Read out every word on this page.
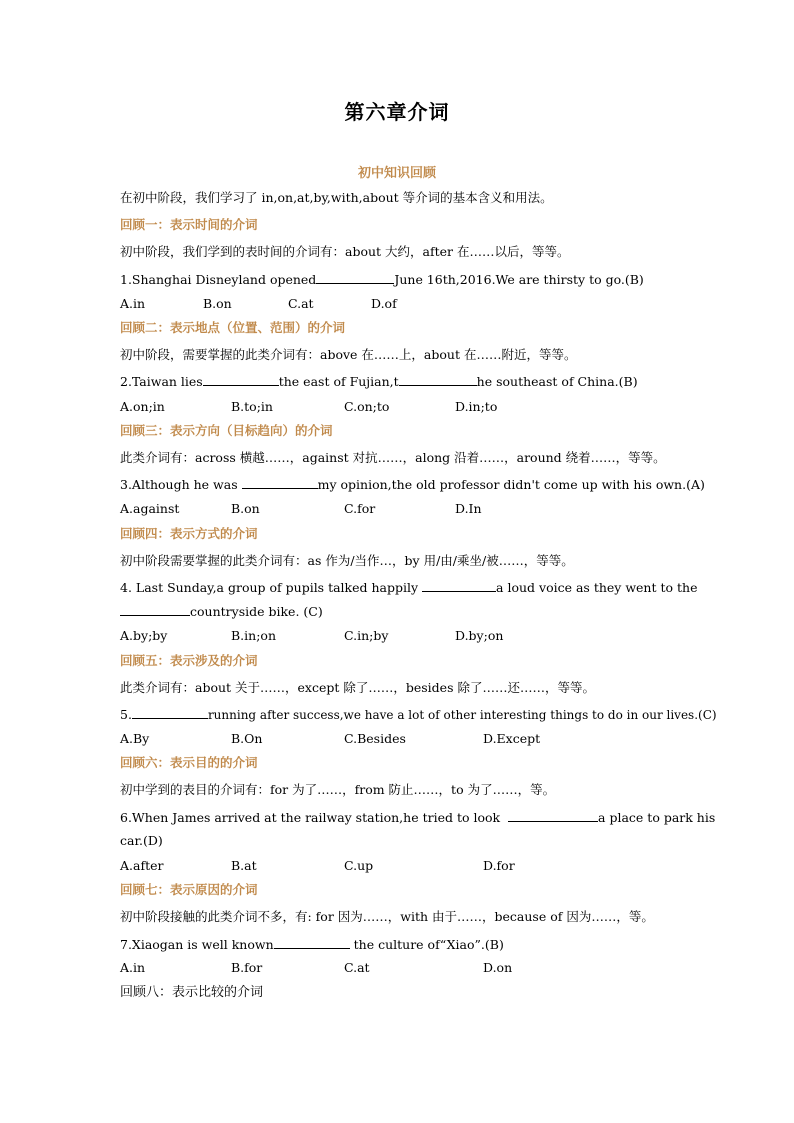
第六章介词
初中知识回顾
在初中阶段，我们学习了 in,on,at,by,with,about 等介词的基本含义和用法。
回顾一：表示时间的介词
初中阶段，我们学到的表时间的介词有：about 大约，after 在……以后，等等。
1.Shanghai Disneyland opened	June 16th,2016.We are thirsty to go.(B)
A.in	B.on	C.at	D.of
回顾二：表示地点（位置、范围）的介词
初中阶段，需要掌握的此类介词有：above 在……上，about 在……附近，等等。
2.Taiwan lies	the east of Fujian,t	he southeast of China.(B)
A.on;in	B.to;in	C.on;to	D.in;to
回顾三：表示方向（目标趋向）的介词
此类介词有：across 横越……，against 对抗……，along 沿着……，around 绕着……，等等。
3.Although he was	my opinion,the old professor didn't come up with his own.(A)
A.against	B.on	C.for	D.In
回顾四：表示方式的介词
初中阶段需要掌握的此类介词有：as 作为/当作…，by 用/由/乘坐/被……，等等。
4. Last Sunday,a group of pupils talked happily	a loud voice as they went to the
countryside bike. (C)
A.by;by	B.in;on	C.in;by	D.by;on
回顾五：表示涉及的介词
此类介词有：about 关于……，except 除了……，besides 除了……还……，等等。
5.	running after success,we have a lot of other interesting things to do in our lives.(C)
A.By	B.On	C.Besides	D.Except
回顾六：表示目的的介词
初中学到的表目的介词有：for 为了……，from 防止……，to 为了……，等。
6.When James arrived at the railway station,he tried to look	a place to park his
car.(D)
A.after	B.at	C.up	D.for
回顾七：表示原因的介词
初中阶段接触的此类介词不多，有: for 因为……，with 由于……，because of 因为……，等。
7.Xiaogan is well known	the culture of“Xiao”.(B)
A.in	B.for	C.at	D.on
回顾八：表示比较的介词
